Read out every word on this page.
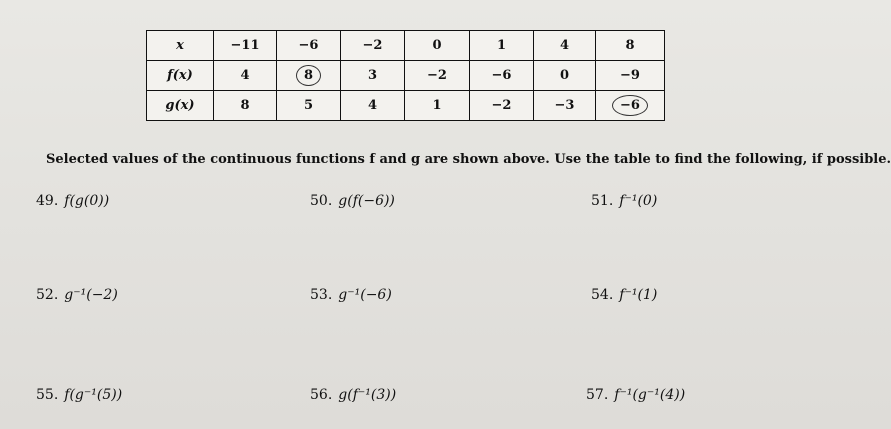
x	−11	−6	−2	0	1	4	8
f(x)	4	8	3	−2	−6	0	−9
g(x)	8	5	4	1	−2	−3	−6
Selected values of the continuous functions f and g are shown above. Use the table to find the following, if possible.
49. f(g(0))	50. g(f(−6))	51. f⁻¹(0)
52. g⁻¹(−2)	53. g⁻¹(−6)	54. f⁻¹(1)
55. f(g⁻¹(5))	56. g(f⁻¹(3))	57. f⁻¹(g⁻¹(4))
